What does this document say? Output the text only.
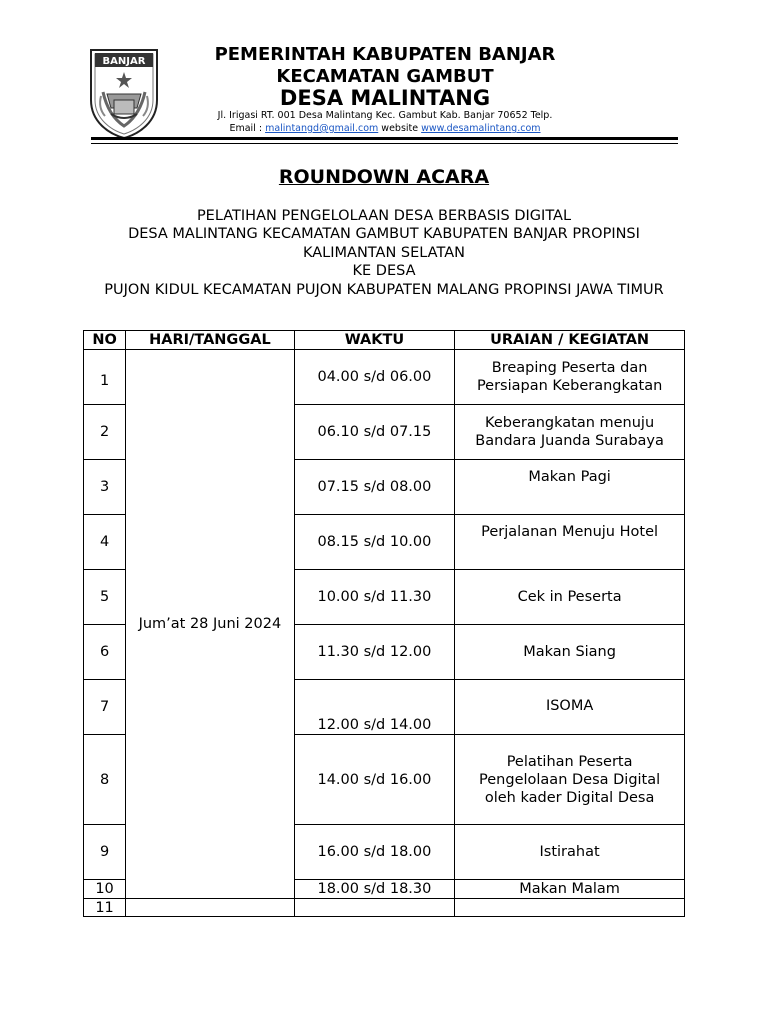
BANJAR	PEMERINTAH KABUPATEN BANJAR
KECAMATAN GAMBUT
DESA MALINTANG
Jl. Irigasi RT. 001 Desa Malintang Kec. Gambut Kab. Banjar 70652 Telp.
Email : malintangd@gmail.com website www.desamalintang.com
ROUNDOWN ACARA
PELATIHAN PENGELOLAAN DESA BERBASIS DIGITAL
DESA MALINTANG KECAMATAN GAMBUT KABUPATEN BANJAR PROPINSI
KALIMANTAN SELATAN
KE DESA
PUJON KIDUL KECAMATAN PUJON KABUPATEN MALANG PROPINSI JAWA TIMUR
NO	HARI/TANGGAL	WAKTU	URAIAN / KEGIATAN
1	Jum’at 28 Juni 2024	04.00 s/d 06.00	Breaping Peserta dan
Persiapan Keberangkatan

2		06.10 s/d 07.15	Keberangkatan menuju
Bandara Juanda Surabaya

3		07.15 s/d 08.00	Makan Pagi

4		08.15 s/d 10.00	Perjalanan Menuju Hotel

5		10.00 s/d 11.30	Cek in Peserta

6		11.30 s/d 12.00	Makan Siang

7		12.00 s/d 14.00	ISOMA

8		14.00 s/d 16.00	Pelatihan Peserta
Pengelolaan Desa Digital
oleh kader Digital Desa

9		16.00 s/d 18.00	Istirahat

10		18.00 s/d 18.30	Makan Malam

11			
